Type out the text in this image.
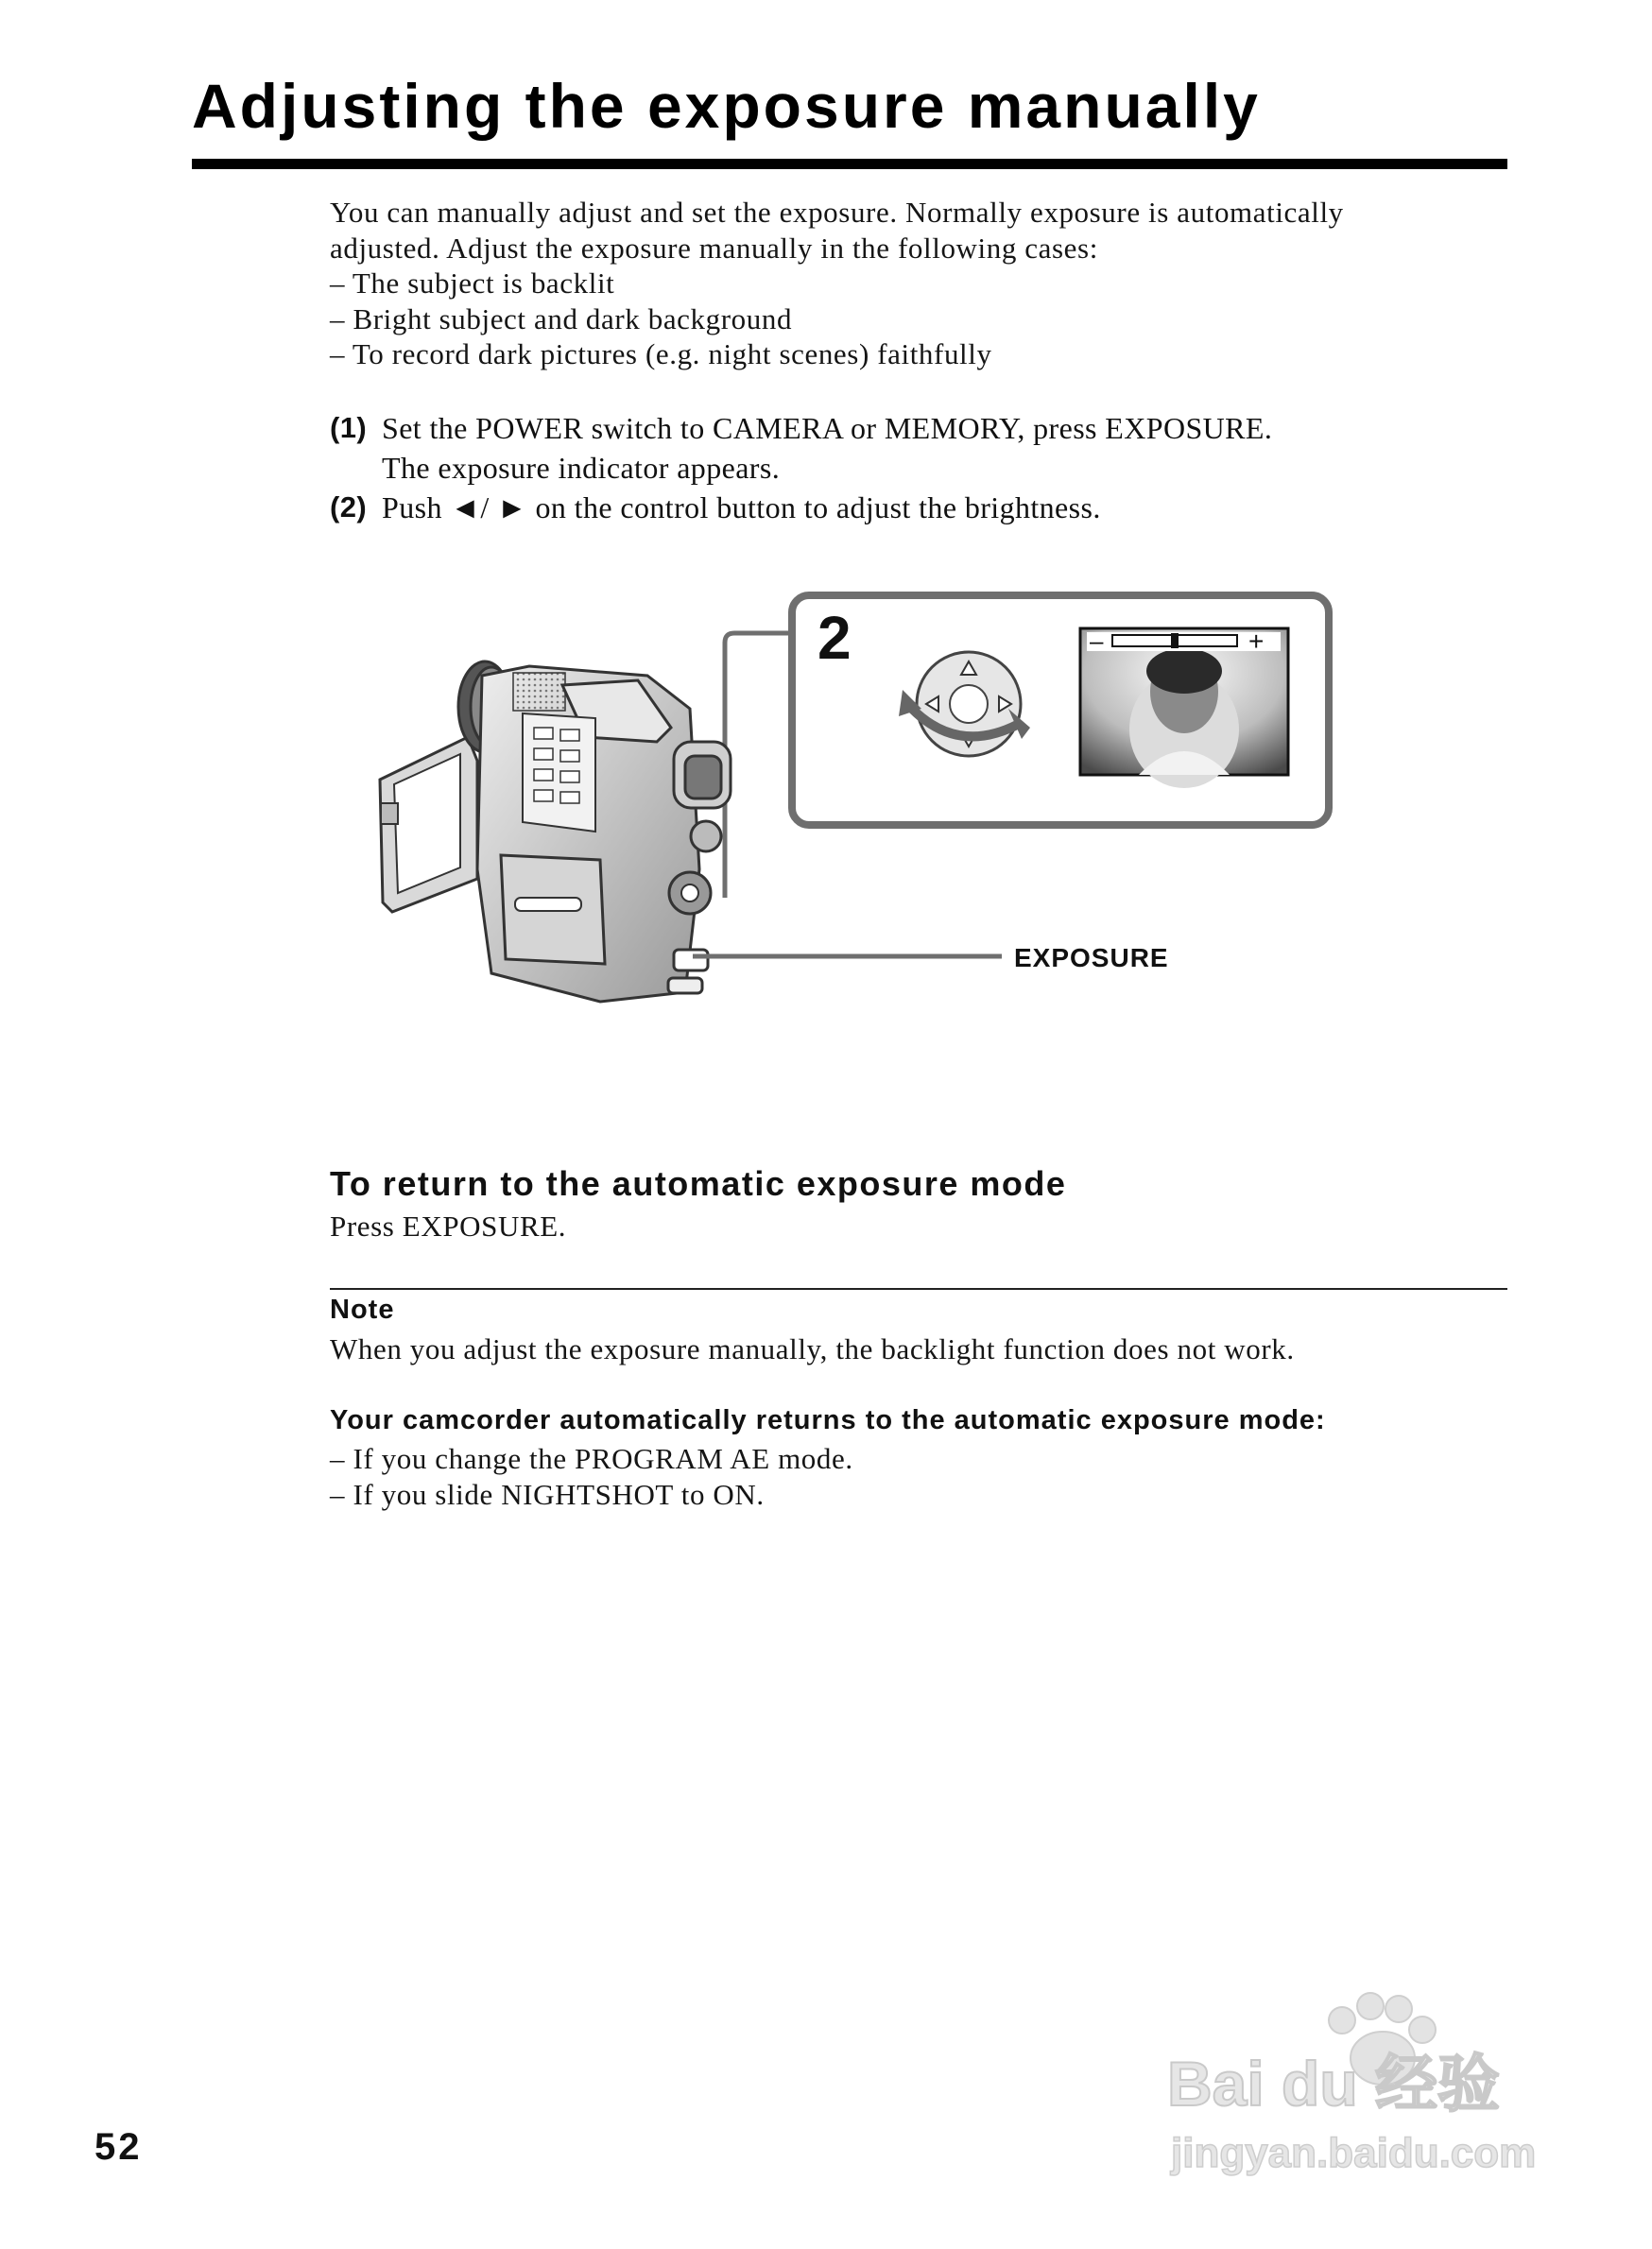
Adjusting the exposure manually

You can manually adjust and set the exposure. Normally exposure is automatically

adjusted. Adjust the exposure manually in the following cases:

– The subject is backlit
– Bright subject and dark background
– To record dark pictures (e.g. night scenes) faithfully
(1) Set the POWER switch to CAMERA or MEMORY, press EXPOSURE.
The exposure indicator appears.
(2) Push ◄/ ► on the control button to adjust the brightness.
2	–	+
EXPOSURE
To return to the automatic exposure mode
Press EXPOSURE.
Note
When you adjust the exposure manually, the backlight function does not work.
Your camcorder automatically returns to the automatic exposure mode:
– If you change the PROGRAM AE mode.
– If you slide NIGHTSHOT to ON.
52
Bai du 经验
jingyan.baidu.com
